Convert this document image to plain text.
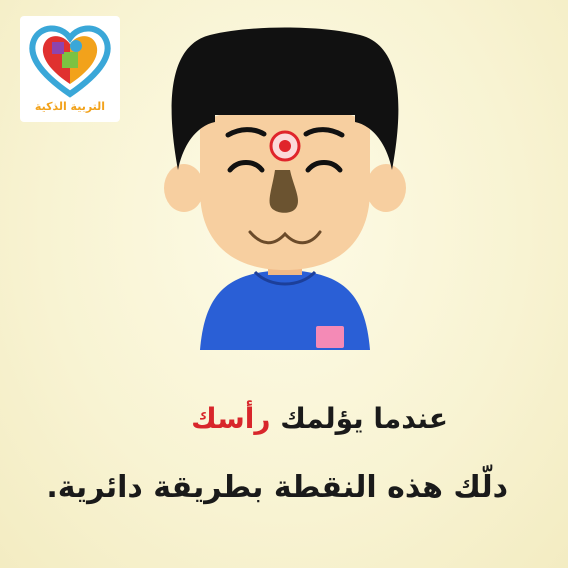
التربية الذكية
عندما يؤلمك رأسك
دلّك هذه النقطة بطريقة دائرية.
